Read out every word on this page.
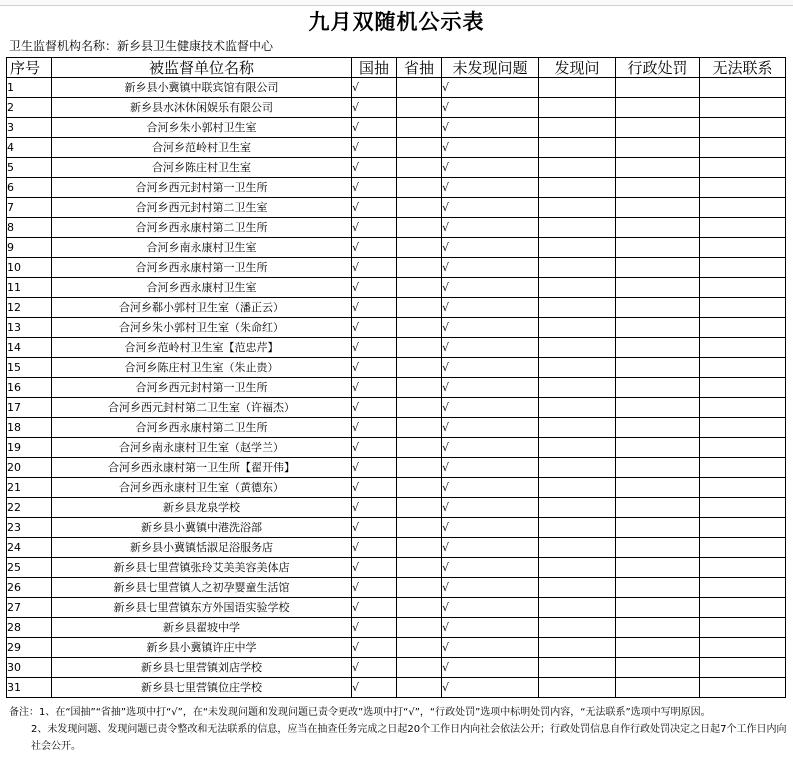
九月双随机公示表
卫生监督机构名称：新乡县卫生健康技术监督中心
序号	被监督单位名称	国抽	省抽	未发现问题	发现问	行政处罚	无法联系
1	新乡县小冀镇中联宾馆有限公司	√		√			
2	新乡县水沐休闲娱乐有限公司	√		√			
3	合河乡朱小郭村卫生室	√		√			
4	合河乡范岭村卫生室	√		√			
5	合河乡陈庄村卫生室	√		√			
6	合河乡西元封村第一卫生所	√		√			
7	合河乡西元封村第二卫生室	√		√			
8	合河乡西永康村第二卫生所	√		√			
9	合河乡南永康村卫生室	√		√			
10	合河乡西永康村第一卫生所	√		√			
11	合河乡西永康村卫生室	√		√			
12	合河乡郗小郭村卫生室（潘正云）	√		√			
13	合河乡朱小郭村卫生室（朱命红）	√		√			
14	合河乡范岭村卫生室【范忠芹】	√		√			
15	合河乡陈庄村卫生室（朱止贵）	√		√			
16	合河乡西元封村第一卫生所	√		√			
17	合河乡西元封村第二卫生室（许福杰）	√		√			
18	合河乡西永康村第二卫生所	√		√			
19	合河乡南永康村卫生室（赵学兰）	√		√			
20	合河乡西永康村第一卫生所【翟开伟】	√		√			
21	合河乡西永康村卫生室（黄德东）	√		√			
22	新乡县龙泉学校	√		√			
23	新乡县小冀镇中港洗浴部	√		√			
24	新乡县小冀镇恬淑足浴服务店	√		√			
25	新乡县七里营镇张玲艾美美容美体店	√		√			
26	新乡县七里营镇人之初孕婴童生活馆	√		√			
27	新乡县七里营镇东方外国语实验学校	√		√			
28	新乡县翟坡中学	√		√			
29	新乡县小冀镇许庄中学	√		√			
30	新乡县七里营镇刘店学校	√		√			
31	新乡县七里营镇位庄学校	√		√			

备注：1、在“国抽”“省抽”选项中打“√”，在“未发现问题和发现问题已责令更改”选项中打“√”，“行政处罚”选项中标明处罚内容，“无法联系”选项中写明原因。

2、未发现问题、发现问题已责令整改和无法联系的信息，应当在抽查任务完成之日起20个工作日内向社会依法公开；行政处罚信息自作行政处罚决定之日起7个工作日内向社会公开。
